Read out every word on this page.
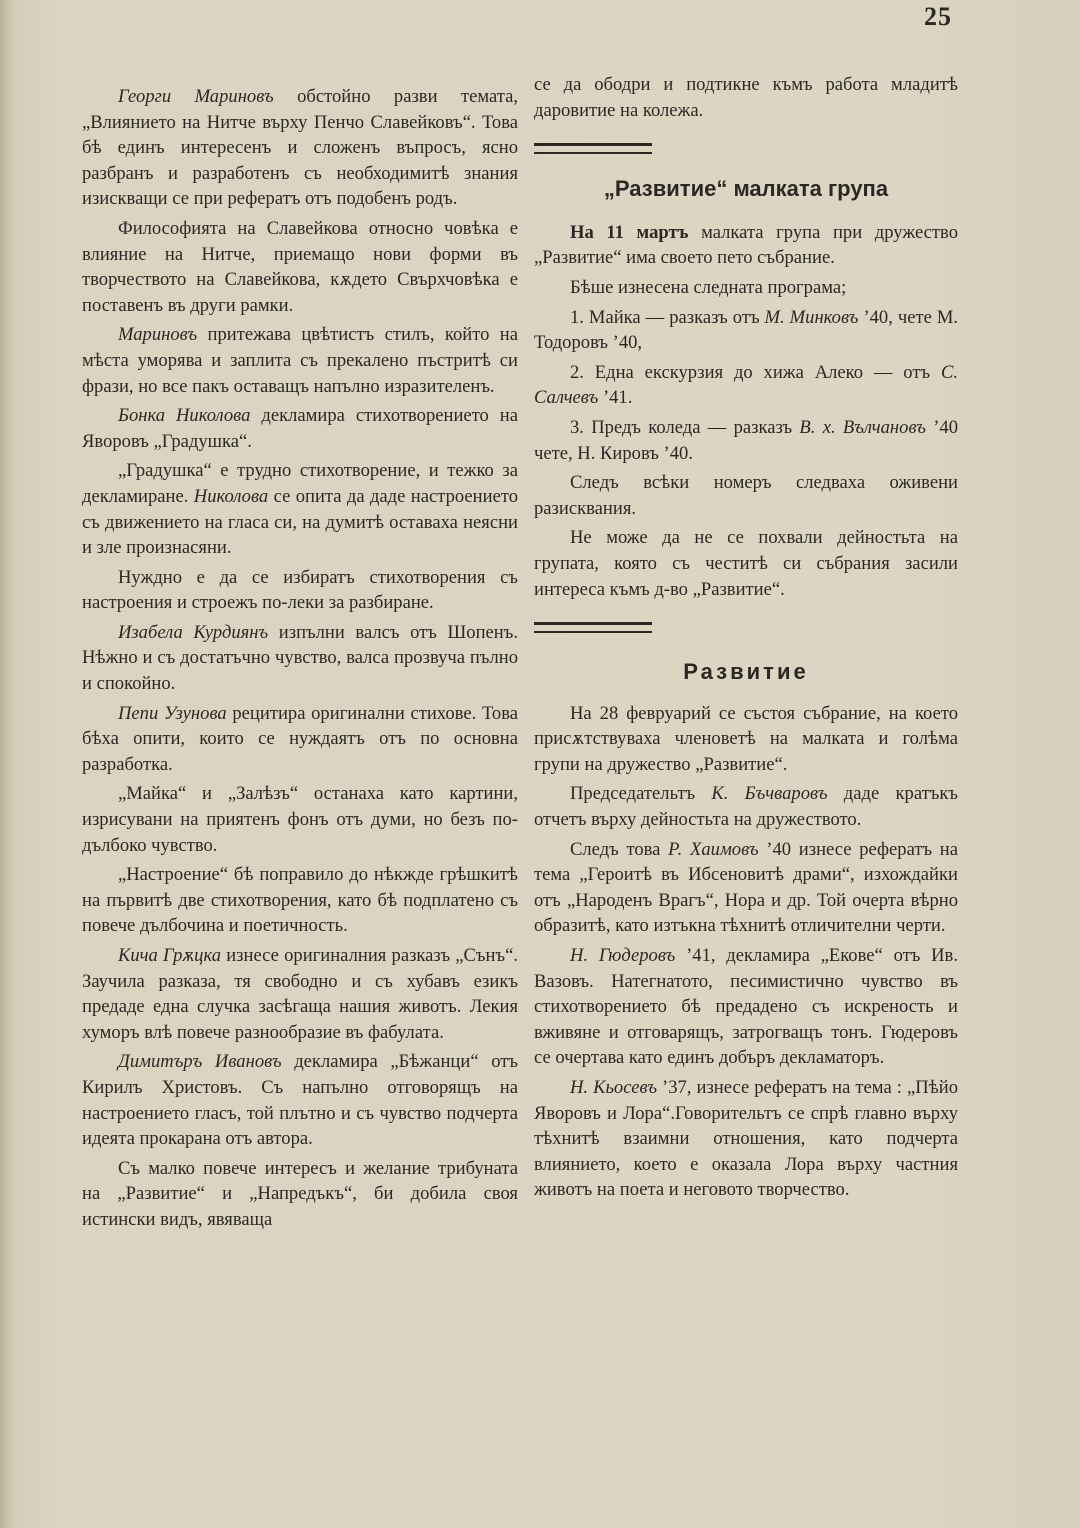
25

Георги Мариновъ обстойно разви темата, „Влиянието на Нитче върху Пенчо Славейковъ“. Това бѣ единъ интересенъ и сложенъ въпросъ, ясно разбранъ и разработенъ съ необходимитѣ знания изискващи се при рефератъ отъ подобенъ родъ.

Философията на Славейкова относно човѣка е влияние на Нитче, приемащо нови форми въ творчеството на Славейкова, кѫдето Свърхчовѣка е поставенъ въ други рамки.

Мариновъ притежава цвѣтистъ стилъ, който на мѣста уморява и заплита съ прекалено пъстритѣ си фрази, но все пакъ оставащъ напълно изразителенъ.

Бонка Николова декламира стихотворението на Яворовъ „Градушка“.

„Градушка“ е трудно стихотворение, и тежко за декламиране. Николова се опита да даде настроението съ движението на гласа си, на думитѣ оставаха неясни и зле произнасяни.

Нуждно е да се избиратъ стихотворения съ настроения и строежъ по-леки за разбиране.

Изабела Курдиянъ изпълни валсъ отъ Шопенъ. Нѣжно и съ достатъчно чувство, валса прозвуча пълно и спокойно.

Пепи Узунова рецитира оригинални стихове. Това бѣха опити, които се нуждаятъ отъ по основна разработка.

„Майка“ и „Залѣзъ“ останаха като картини, изрисувани на приятенъ фонъ отъ думи, но безъ по-дълбоко чувство.

„Настроение“ бѣ поправило до нѣкжде грѣшкитѣ на първитѣ две стихотворения, като бѣ подплатено съ повече дълбочина и поетичность.

Кича Грѫцка изнесе оригиналния разказъ „Сънъ“. Заучила разказа, тя свободно и съ хубавъ езикъ предаде една случка засѣгаща нашия животъ. Лекия хуморъ влѣ повече разнообразие въ фабулата.

Димитъръ Ивановъ декламира „Бѣжанци“ отъ Кирилъ Христовъ. Съ напълно отговорящъ на настроението гласъ, той плътно и съ чувство подчерта идеята прокарана отъ автора.

Съ малко повече интересъ и желание трибуната на „Развитие“ и „Напредъкъ“, би добила своя истински видъ, явяваща

се да ободри и подтикне къмъ работа младитѣ даровитие на колежа.

„Развитие“ малката група

На 11 мартъ малката група при дружество „Развитие“ има своето пето събрание.

Бѣше изнесена следната програма;

1. Майка — разказъ отъ М. Минковъ ’40, чете М. Тодоровъ ’40,

2. Една екскурзия до хижа Алеко — отъ С. Салчевъ ’41.

3. Предъ коледа — разказъ В. х. Вълчановъ ’40 чете, Н. Кировъ ’40.

Следъ всѣки номеръ следваха оживени разисквания.

Не може да не се похвали дейностьта на групата, която съ честитѣ си събрания засили интереса къмъ д-во „Развитие“.

Развитие

На 28 февруарий се състоя събрание, на което присѫтствуваха членоветѣ на малката и голѣма групи на дружество „Развитие“.

Председательтъ К. Бъчваровъ даде кратъкъ отчетъ върху дейностьта на дружеството.

Следъ това Р. Хаимовъ ’40 изнесе рефератъ на тема „Героитѣ въ Ибсеновитѣ драми“, изхождайки отъ „Народенъ Врагъ“, Нора и др. Той очерта вѣрно образитѣ, като изтъкна тѣхнитѣ отличителни черти.

Н. Гюдеровъ ’41, декламира „Екове“ отъ Ив. Вазовъ. Натегнатото, песимистично чувство въ стихотворението бѣ предадено съ искреность и вживяне и отговарящъ, затрогващъ тонъ. Гюдеровъ се очертава като единъ добъръ декламаторъ.

Н. Кьосевъ ’37, изнесе рефератъ на тема : „Пѣйо Яворовъ и Лора“.Говорительтъ се спрѣ главно върху тѣхнитѣ взаимни отношения, като подчерта влиянието, което е оказала Лора върху частния животъ на поета и неговото творчество.
